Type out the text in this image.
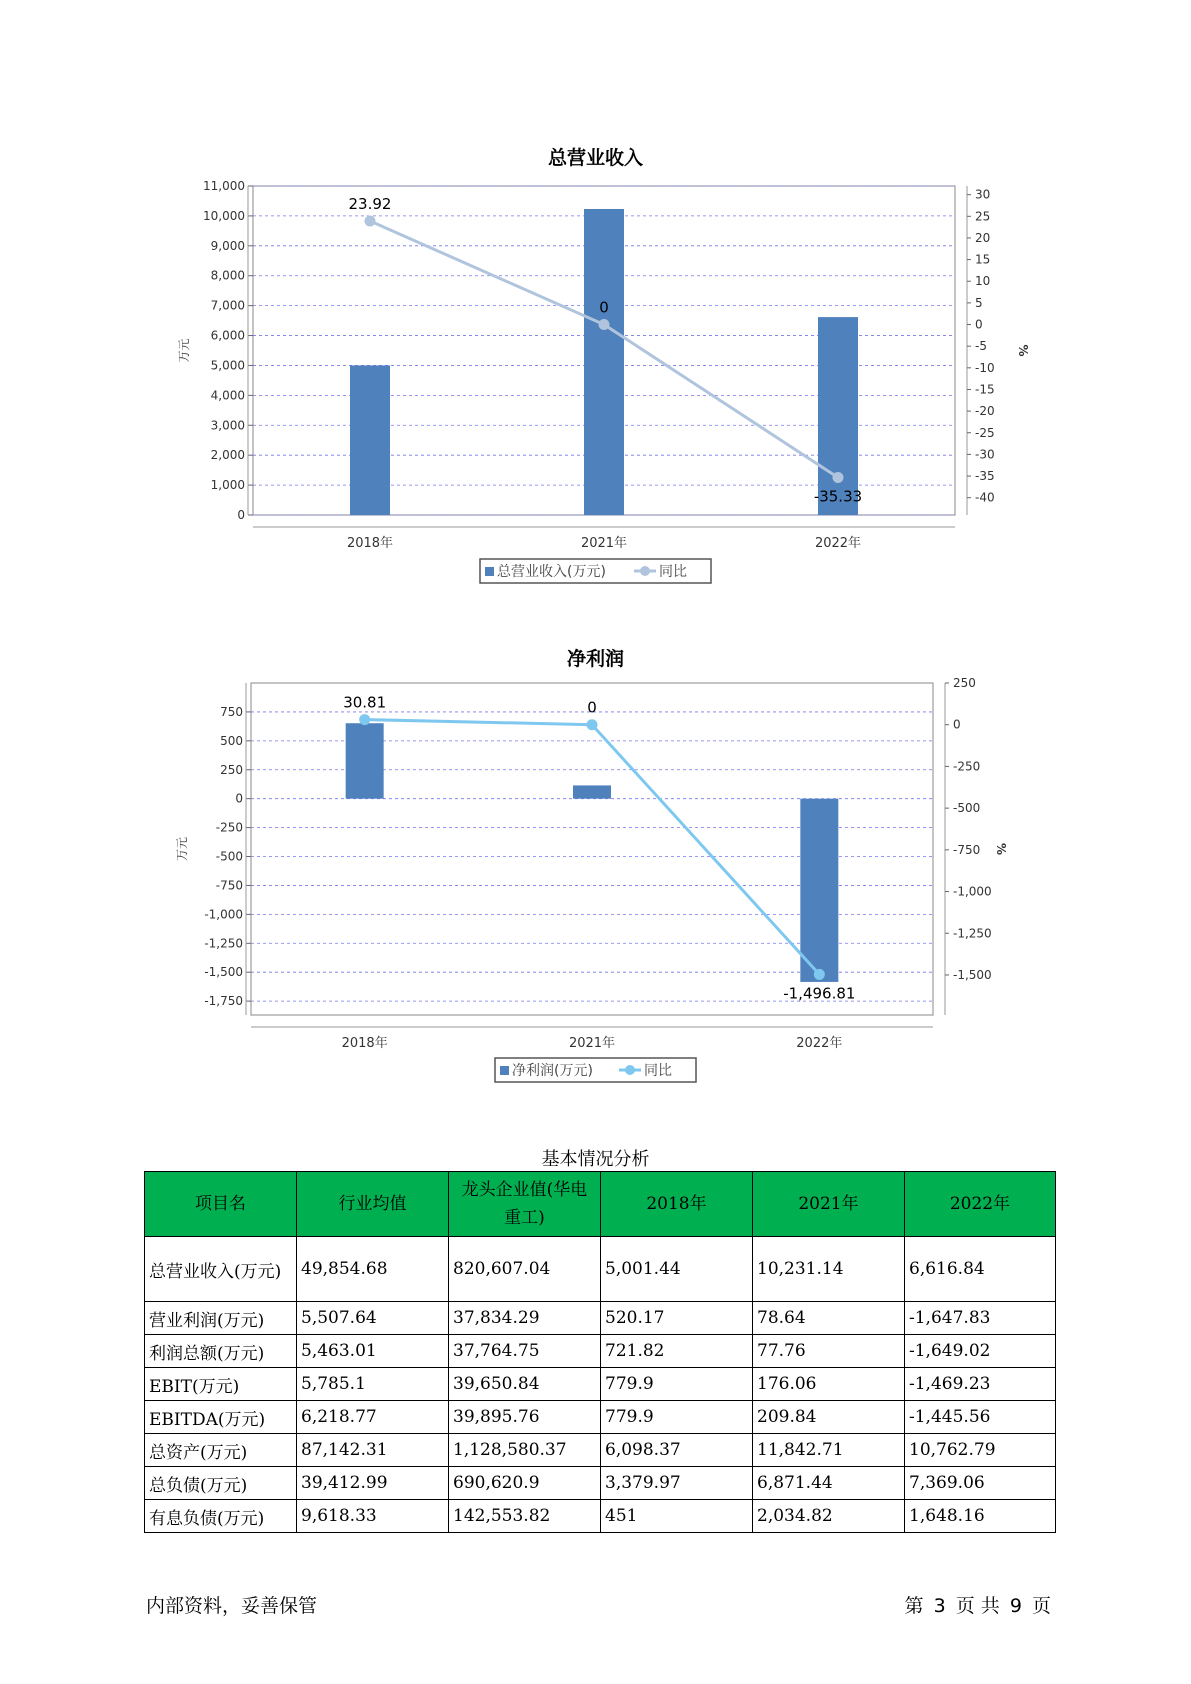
总营业收入
0
1,000
2,000
3,000
4,000
5,000
6,000
7,000
8,000
9,000
10,000
11,000
万元
30
25
20
15
10
5
0
-5
-10
-15
-20
-25
-30
-35
-40
%
2018年	2021年	2022年
23.92
0
-35.33
总营业收入(万元)	同比
净利润
750
500
250
0
-250
-500
-750
-1,000
-1,250
-1,500
-1,750
万元
250
0
-250
-500
-750
-1,000
-1,250
-1,500
%
2018年	2021年	2022年
30.81	0
-1,496.81
净利润(万元)	同比
基本情况分析
项目名	行业均值	龙头企业值(华电重工)	2018年	2021年	2022年
总营业收入(万元)	49,854.68	820,607.04	5,001.44	10,231.14	6,616.84
营业利润(万元)	5,507.64	37,834.29	520.17	78.64	-1,647.83
利润总额(万元)	5,463.01	37,764.75	721.82	77.76	-1,649.02
EBIT(万元)	5,785.1	39,650.84	779.9	176.06	-1,469.23
EBITDA(万元)	6,218.77	39,895.76	779.9	209.84	-1,445.56
总资产(万元)	87,142.31	1,128,580.37	6,098.37	11,842.71	10,762.79
总负债(万元)	39,412.99	690,620.9	3,379.97	6,871.44	7,369.06
有息负债(万元)	9,618.33	142,553.82	451	2,034.82	1,648.16
内部资料，妥善保管	第 3 页 共 9 页
